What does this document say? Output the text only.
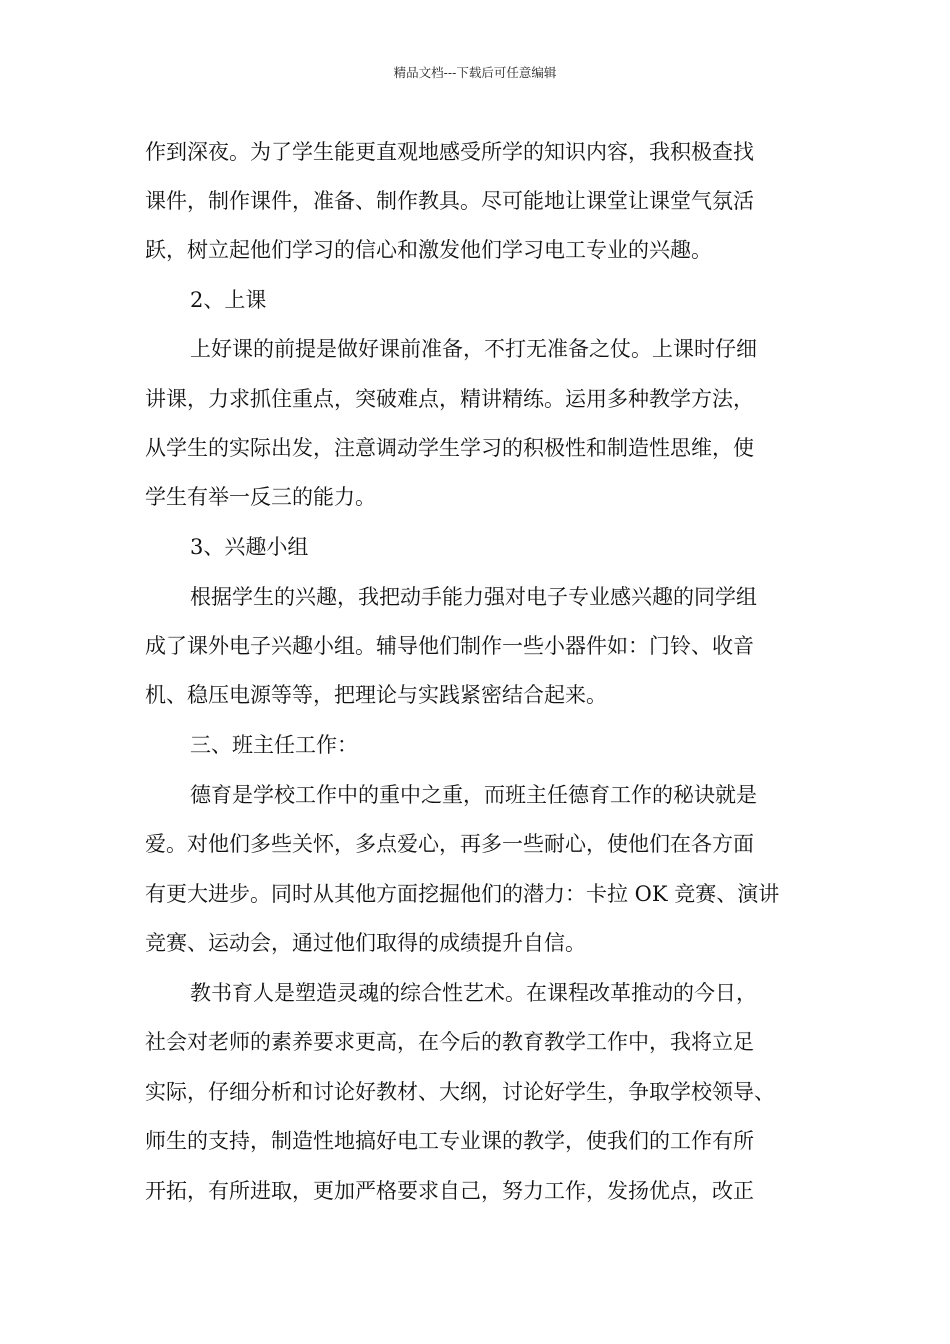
精品文档---下载后可任意编辑
作到深夜。为了学生能更直观地感受所学的知识内容，我积极查找
课件，制作课件，准备、制作教具。尽可能地让课堂让课堂气氛活
跃，树立起他们学习的信心和激发他们学习电工专业的兴趣。
2、上课
上好课的前提是做好课前准备，不打无准备之仗。上课时仔细
讲课，力求抓住重点，突破难点，精讲精练。运用多种教学方法，
从学生的实际出发，注意调动学生学习的积极性和制造性思维，使
学生有举一反三的能力。
3、兴趣小组
根据学生的兴趣，我把动手能力强对电子专业感兴趣的同学组
成了课外电子兴趣小组。辅导他们制作一些小器件如：门铃、收音
机、稳压电源等等，把理论与实践紧密结合起来。
三、班主任工作：
德育是学校工作中的重中之重，而班主任德育工作的秘诀就是
爱。对他们多些关怀，多点爱心，再多一些耐心，使他们在各方面
有更大进步。同时从其他方面挖掘他们的潜力：卡拉 OK 竞赛、演讲
竞赛、运动会，通过他们取得的成绩提升自信。
教书育人是塑造灵魂的综合性艺术。在课程改革推动的今日，
社会对老师的素养要求更高，在今后的教育教学工作中，我将立足
实际，仔细分析和讨论好教材、大纲，讨论好学生，争取学校领导、
师生的支持，制造性地搞好电工专业课的教学，使我们的工作有所
开拓，有所进取，更加严格要求自己，努力工作，发扬优点，改正
